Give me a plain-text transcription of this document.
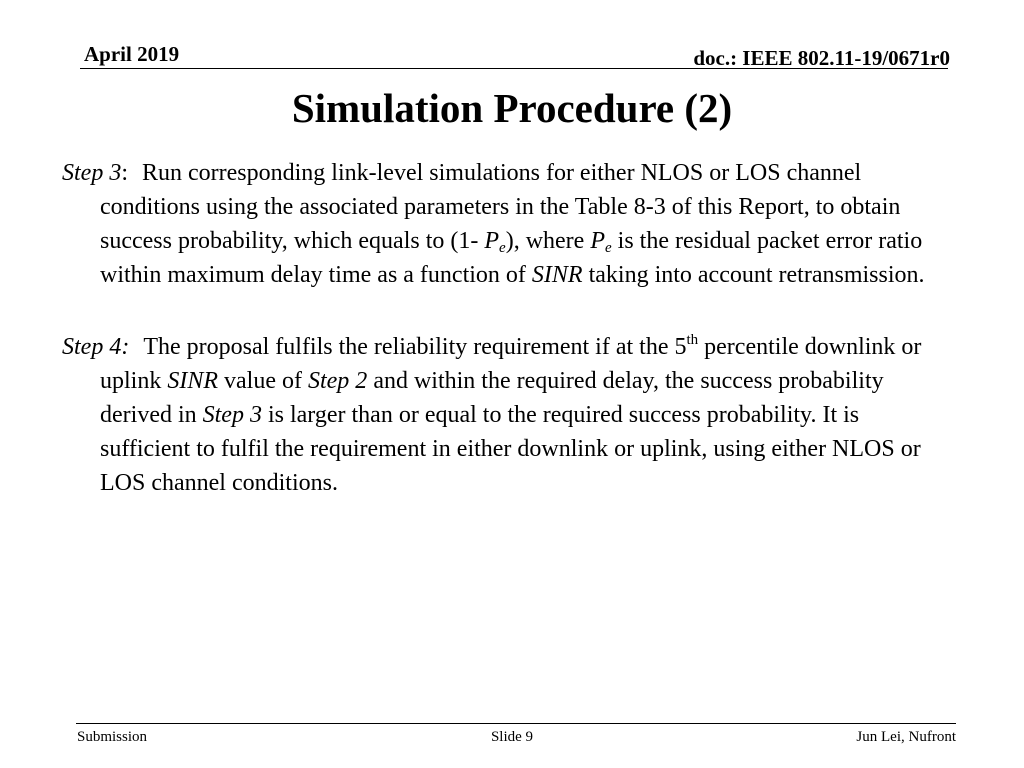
April 2019	doc.: IEEE 802.11-19/0671r0
Simulation Procedure (2)

Step 3: Run corresponding link-level simulations for either NLOS or LOS channel conditions using the associated parameters in the Table 8-3 of this Report, to obtain success probability, which equals to (1- $P_e$), where $P_e$ is the residual packet error ratio within maximum delay time as a function of SINR taking into account retransmission.

Step 4: The proposal fulfils the reliability requirement if at the 5th percentile downlink or uplink SINR value of Step 2 and within the required delay, the success probability derived in Step 3 is larger than or equal to the required success probability. It is sufficient to fulfil the requirement in either downlink or uplink, using either NLOS or LOS channel conditions.

Submission	Slide 9	Jun Lei, Nufront
